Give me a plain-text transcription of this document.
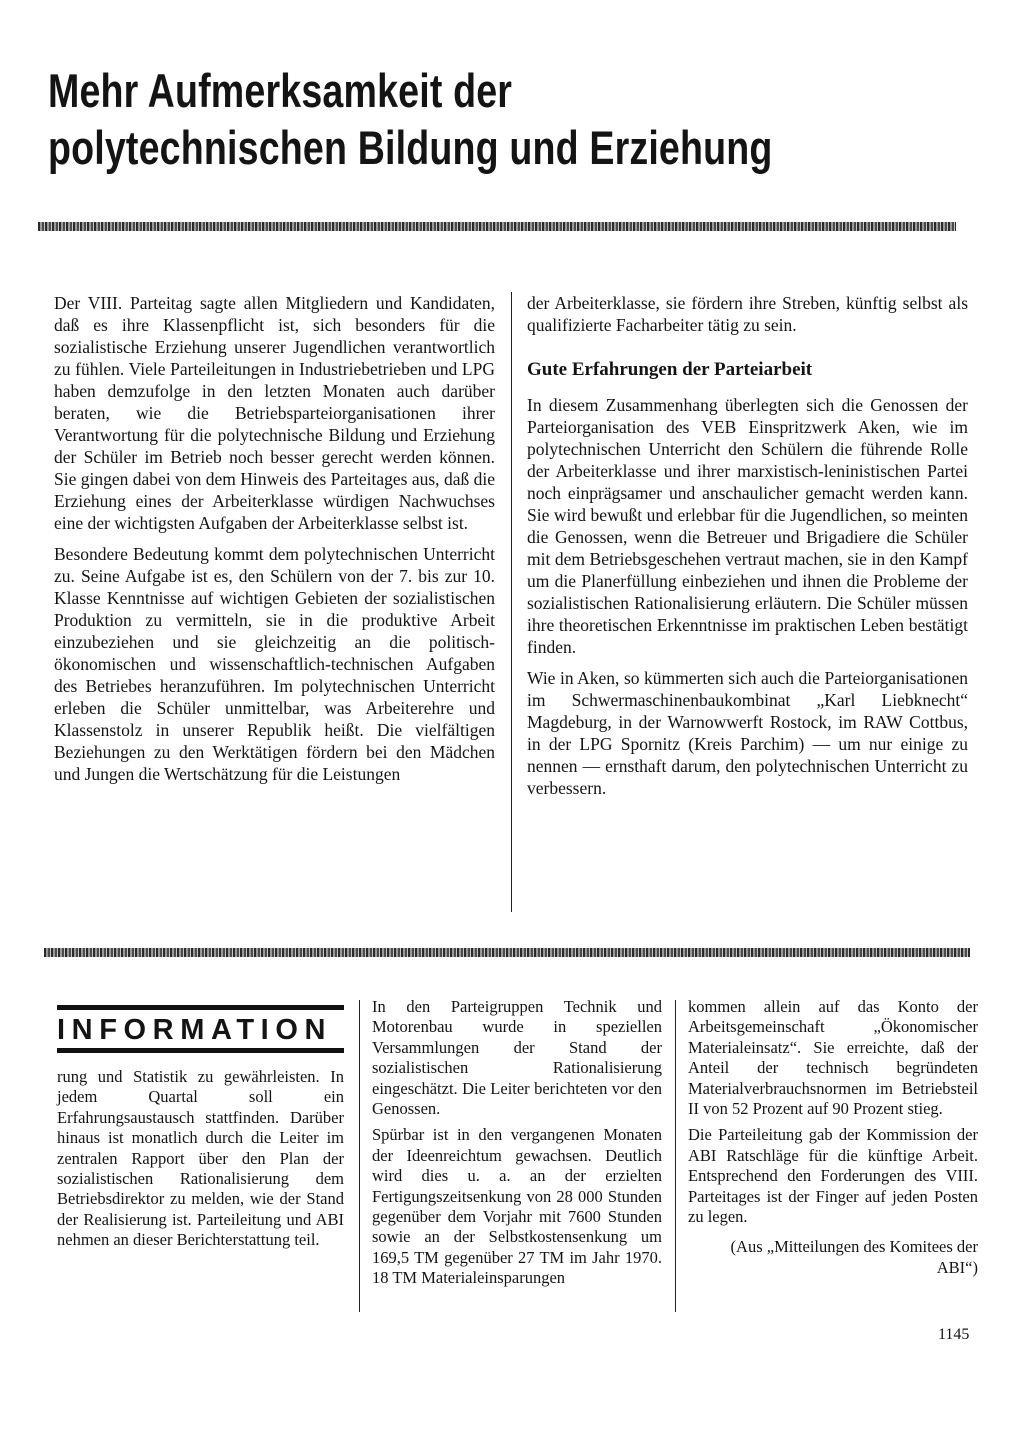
Mehr Aufmerksamkeit der
polytechnischen Bildung und Erziehung

Der VIII. Parteitag sagte allen Mitgliedern und Kandidaten, daß es ihre Klassenpflicht ist, sich besonders für die sozialistische Erziehung unserer Jugendlichen verantwortlich zu fühlen. Viele Parteileitungen in Industriebetrieben und LPG haben demzufolge in den letzten Monaten auch darüber beraten, wie die Betriebsparteiorganisationen ihrer Verantwortung für die polytechnische Bildung und Erziehung der Schüler im Betrieb noch besser gerecht werden können. Sie gingen dabei von dem Hinweis des Parteitages aus, daß die Erziehung eines der Arbeiterklasse würdigen Nachwuchses eine der wichtigsten Aufgaben der Arbeiterklasse selbst ist.

Besondere Bedeutung kommt dem polytechnischen Unterricht zu. Seine Aufgabe ist es, den Schülern von der 7. bis zur 10. Klasse Kenntnisse auf wichtigen Gebieten der sozialistischen Produktion zu vermitteln, sie in die produktive Arbeit einzubeziehen und sie gleichzeitig an die politisch-ökonomischen und wissenschaftlich-technischen Aufgaben des Betriebes heranzuführen. Im polytechnischen Unterricht erleben die Schüler unmittelbar, was Arbeiterehre und Klassenstolz in unserer Republik heißt. Die vielfältigen Beziehungen zu den Werktätigen fördern bei den Mädchen und Jungen die Wertschätzung für die Leistungen

der Arbeiterklasse, sie fördern ihre Streben, künftig selbst als qualifizierte Facharbeiter tätig zu sein.

Gute Erfahrungen der Parteiarbeit

In diesem Zusammenhang überlegten sich die Genossen der Parteiorganisation des VEB Einspritzwerk Aken, wie im polytechnischen Unterricht den Schülern die führende Rolle der Arbeiterklasse und ihrer marxistisch-leninistischen Partei noch einprägsamer und anschaulicher gemacht werden kann. Sie wird bewußt und erlebbar für die Jugendlichen, so meinten die Genossen, wenn die Betreuer und Brigadiere die Schüler mit dem Betriebsgeschehen vertraut machen, sie in den Kampf um die Planerfüllung einbeziehen und ihnen die Probleme der sozialistischen Rationalisierung erläutern. Die Schüler müssen ihre theoretischen Erkenntnisse im praktischen Leben bestätigt finden.

Wie in Aken, so kümmerten sich auch die Parteiorganisationen im Schwermaschinenbaukombinat „Karl Liebknecht“ Magdeburg, in der Warnowwerft Rostock, im RAW Cottbus, in der LPG Spornitz (Kreis Parchim) — um nur einige zu nennen — ernsthaft darum, den polytechnischen Unterricht zu verbessern.

INFORMATION

rung und Statistik zu gewährleisten. In jedem Quartal soll ein Erfahrungsaustausch stattfinden. Darüber hinaus ist monatlich durch die Leiter im zentralen Rapport über den Plan der sozialistischen Rationalisierung dem Betriebsdirektor zu melden, wie der Stand der Realisierung ist. Parteileitung und ABI nehmen an dieser Berichterstattung teil.

In den Parteigruppen Technik und Motorenbau wurde in speziellen Versammlungen der Stand der sozialistischen Rationalisierung eingeschätzt. Die Leiter berichteten vor den Genossen.

Spürbar ist in den vergangenen Monaten der Ideenreichtum gewachsen. Deutlich wird dies u. a. an der erzielten Fertigungszeitsenkung von 28 000 Stunden gegenüber dem Vorjahr mit 7600 Stunden sowie an der Selbstkostensenkung um 169,5 TM gegenüber 27 TM im Jahr 1970. 18 TM Materialeinsparungen

kommen allein auf das Konto der Arbeitsgemeinschaft „Ökonomischer Materialeinsatz“. Sie erreichte, daß der Anteil der technisch begründeten Materialverbrauchsnormen im Betriebsteil II von 52 Prozent auf 90 Prozent stieg.

Die Parteileitung gab der Kommission der ABI Ratschläge für die künftige Arbeit. Entsprechend den Forderungen des VIII. Parteitages ist der Finger auf jeden Posten zu legen.

(Aus „Mitteilungen des Komitees der ABI“)

1145
